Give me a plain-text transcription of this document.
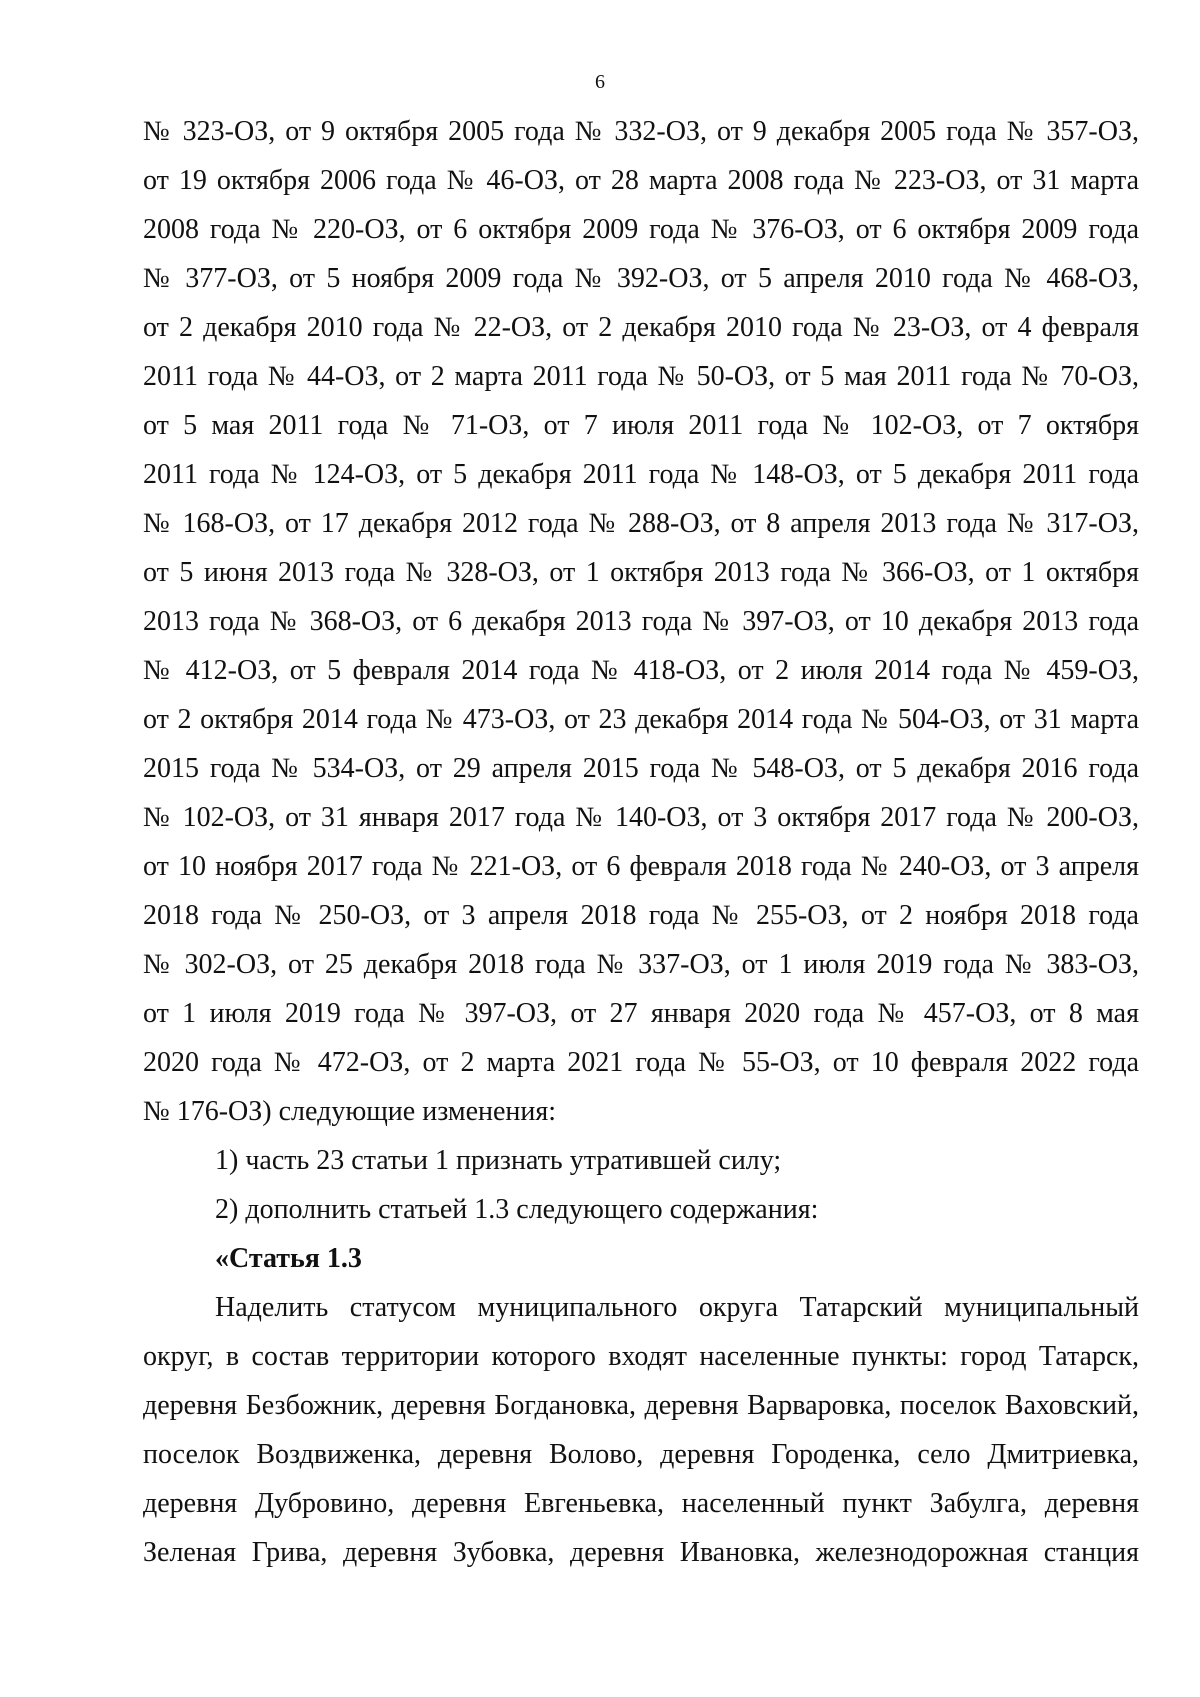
6
№ 323-ОЗ, от 9 октября 2005 года № 332-ОЗ, от 9 декабря 2005 года № 357-ОЗ,
от 19 октября 2006 года № 46-ОЗ, от 28 марта 2008 года № 223-ОЗ, от 31 марта
2008 года № 220-ОЗ, от 6 октября 2009 года № 376-ОЗ, от 6 октября 2009 года
№ 377-ОЗ, от 5 ноября 2009 года № 392-ОЗ, от 5 апреля 2010 года № 468-ОЗ,
от 2 декабря 2010 года № 22-ОЗ, от 2 декабря 2010 года № 23-ОЗ, от 4 февраля
2011 года № 44-ОЗ, от 2 марта 2011 года № 50-ОЗ, от 5 мая 2011 года № 70-ОЗ,
от 5 мая 2011 года № 71-ОЗ, от 7 июля 2011 года № 102-ОЗ, от 7 октября
2011 года № 124-ОЗ, от 5 декабря 2011 года № 148-ОЗ, от 5 декабря 2011 года
№ 168-ОЗ, от 17 декабря 2012 года № 288-ОЗ, от 8 апреля 2013 года № 317-ОЗ,
от 5 июня 2013 года № 328-ОЗ, от 1 октября 2013 года № 366-ОЗ, от 1 октября
2013 года № 368-ОЗ, от 6 декабря 2013 года № 397-ОЗ, от 10 декабря 2013 года
№ 412-ОЗ, от 5 февраля 2014 года № 418-ОЗ, от 2 июля 2014 года № 459-ОЗ,
от 2 октября 2014 года № 473-ОЗ, от 23 декабря 2014 года № 504-ОЗ, от 31 марта
2015 года № 534-ОЗ, от 29 апреля 2015 года № 548-ОЗ, от 5 декабря 2016 года
№ 102-ОЗ, от 31 января 2017 года № 140-ОЗ, от 3 октября 2017 года № 200-ОЗ,
от 10 ноября 2017 года № 221-ОЗ, от 6 февраля 2018 года № 240-ОЗ, от 3 апреля
2018 года № 250-ОЗ, от 3 апреля 2018 года № 255-ОЗ, от 2 ноября 2018 года
№ 302-ОЗ, от 25 декабря 2018 года № 337-ОЗ, от 1 июля 2019 года № 383-ОЗ,
от 1 июля 2019 года № 397-ОЗ, от 27 января 2020 года № 457-ОЗ, от 8 мая
2020 года № 472-ОЗ, от 2 марта 2021 года № 55-ОЗ, от 10 февраля 2022 года
№ 176-ОЗ) следующие изменения:
1) часть 23 статьи 1 признать утратившей силу;
2) дополнить статьей 1.3 следующего содержания:
«Статья 1.3
Наделить статусом муниципального округа Татарский муниципальный
округ, в состав территории которого входят населенные пункты: город Татарск,
деревня Безбожник, деревня Богдановка, деревня Варваровка, поселок Ваховский,
поселок Воздвиженка, деревня Волово, деревня Городенка, село Дмитриевка,
деревня Дубровино, деревня Евгеньевка, населенный пункт Забулга, деревня
Зеленая Грива, деревня Зубовка, деревня Ивановка, железнодорожная станция
